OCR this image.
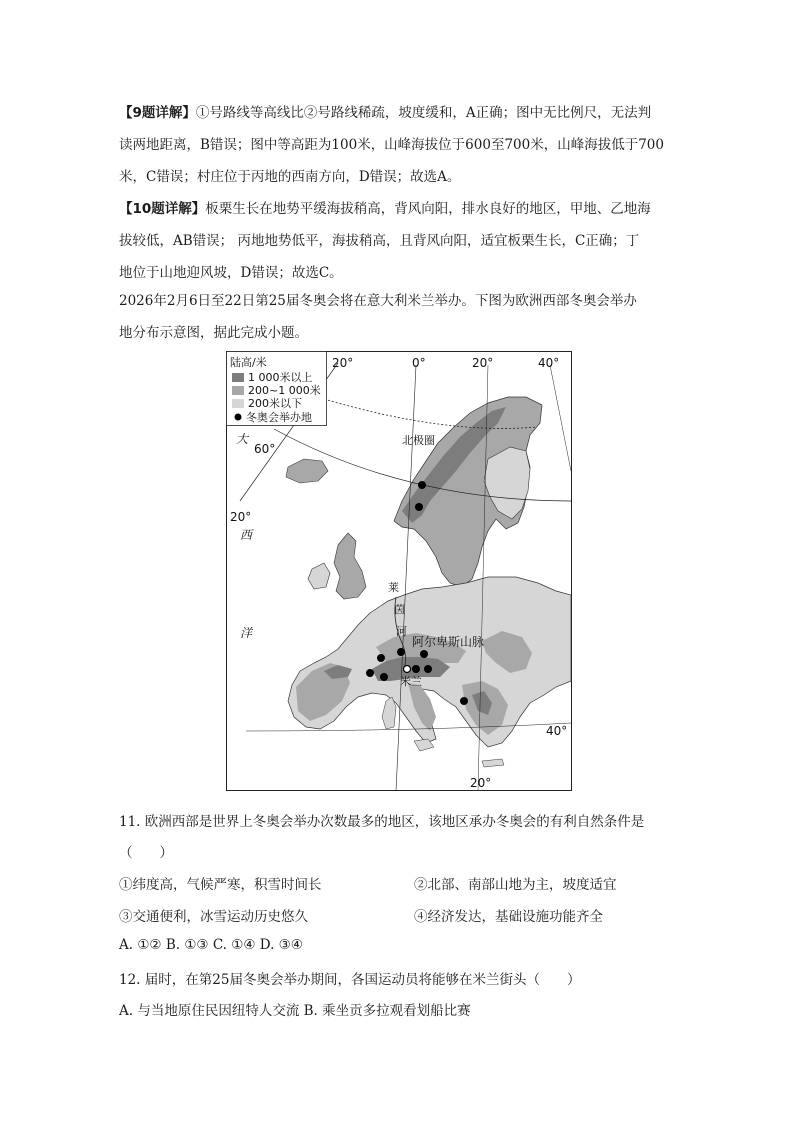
【9题详解】①号路线等高线比②号路线稀疏，坡度缓和，A正确；图中无比例尺，无法判
读两地距离，B错误；图中等高距为100米，山峰海拔位于600至700米，山峰海拔低于700
米，C错误；村庄位于丙地的西南方向，D错误；故选A。
【10题详解】板栗生长在地势平缓海拔稍高，背风向阳，排水良好的地区，甲地、乙地海
拔较低，AB错误； 丙地地势低平，海拔稍高，且背风向阳，适宜板栗生长，C正确；丁
地位于山地迎风坡，D错误；故选C。
2026年2月6日至22日第25届冬奥会将在意大利米兰举办。下图为欧洲西部冬奥会举办
陆高/米
1 000米以上
200~1 000米
200米以下
冬奥会举办地
20°	0°	20°	40°
60°
20°
40°
20°
北极圈
大
西
洋
莱
茵
河
阿尔卑斯山脉
米兰
11. 欧洲西部是世界上冬奥会举办次数最多的地区，该地区承办冬奥会的有利自然条件是
（　　）
①纬度高，气候严寒，积雪时间长	②北部、南部山地为主，坡度适宜
③交通便利，冰雪运动历史悠久	④经济发达，基础设施功能齐全
A. ①② B. ①③ C. ①④ D. ③④
12. 届时，在第25届冬奥会举办期间，各国运动员将能够在米兰街头（　　）
A. 与当地原住民因纽特人交流 B. 乘坐贡多拉观看划船比赛
地分布示意图，据此完成小题。
